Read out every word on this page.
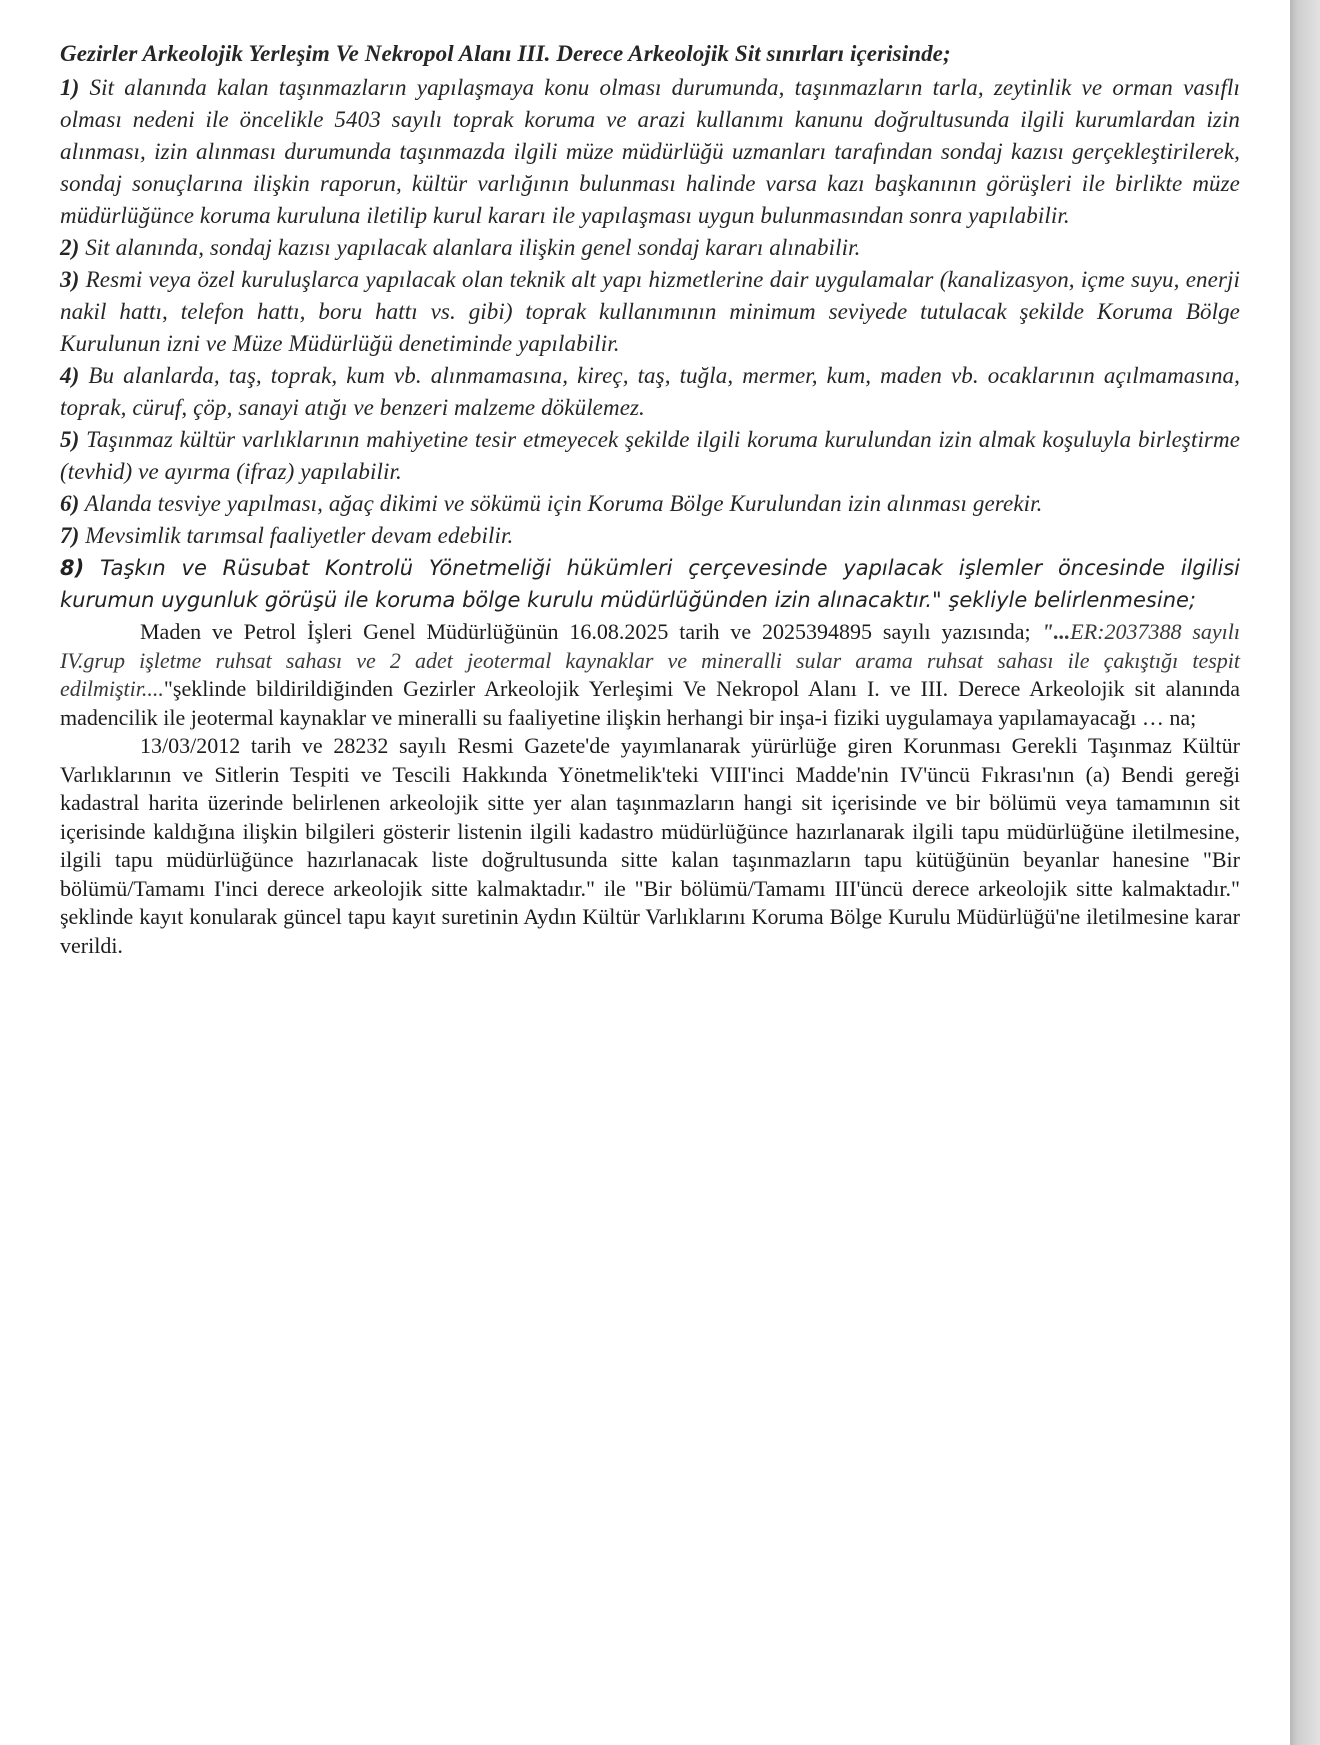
Gezirler Arkeolojik Yerleşim Ve Nekropol Alanı III. Derece Arkeolojik Sit sınırları içerisinde;

1) Sit alanında kalan taşınmazların yapılaşmaya konu olması durumunda, taşınmazların tarla, zeytinlik ve orman vasıflı olması nedeni ile öncelikle 5403 sayılı toprak koruma ve arazi kullanımı kanunu doğrultusunda ilgili kurumlardan izin alınması, izin alınması durumunda taşınmazda ilgili müze müdürlüğü uzmanları tarafından sondaj kazısı gerçekleştirilerek, sondaj sonuçlarına ilişkin raporun, kültür varlığının bulunması halinde varsa kazı başkanının görüşleri ile birlikte müze müdürlüğünce koruma kuruluna iletilip kurul kararı ile yapılaşması uygun bulunmasından sonra yapılabilir.

2) Sit alanında, sondaj kazısı yapılacak alanlara ilişkin genel sondaj kararı alınabilir.

3) Resmi veya özel kuruluşlarca yapılacak olan teknik alt yapı hizmetlerine dair uygulamalar (kanalizasyon, içme suyu, enerji nakil hattı, telefon hattı, boru hattı vs. gibi) toprak kullanımının minimum seviyede tutulacak şekilde Koruma Bölge Kurulunun izni ve Müze Müdürlüğü denetiminde yapılabilir.

4) Bu alanlarda, taş, toprak, kum vb. alınmamasına, kireç, taş, tuğla, mermer, kum, maden vb. ocaklarının açılmamasına, toprak, cüruf, çöp, sanayi atığı ve benzeri malzeme dökülemez.

5) Taşınmaz kültür varlıklarının mahiyetine tesir etmeyecek şekilde ilgili koruma kurulundan izin almak koşuluyla birleştirme (tevhid) ve ayırma (ifraz) yapılabilir.

6) Alanda tesviye yapılması, ağaç dikimi ve sökümü için Koruma Bölge Kurulundan izin alınması gerekir.

7) Mevsimlik tarımsal faaliyetler devam edebilir.

8) Taşkın ve Rüsubat Kontrolü Yönetmeliği hükümleri çerçevesinde yapılacak işlemler öncesinde ilgilisi kurumun uygunluk görüşü ile koruma bölge kurulu müdürlüğünden izin alınacaktır." şekliyle belirlenmesine;

Maden ve Petrol İşleri Genel Müdürlüğünün 16.08.2025 tarih ve 2025394895 sayılı yazısında; "...ER:2037388 sayılı IV.grup işletme ruhsat sahası ve 2 adet jeotermal kaynaklar ve mineralli sular arama ruhsat sahası ile çakıştığı tespit edilmiştir...."şeklinde bildirildiğinden Gezirler Arkeolojik Yerleşimi Ve Nekropol Alanı I. ve III. Derece Arkeolojik sit alanında madencilik ile jeotermal kaynaklar ve mineralli su faaliyetine ilişkin herhangi bir inşa-i fiziki uygulamaya yapılamayacağı … na;

13/03/2012 tarih ve 28232 sayılı Resmi Gazete'de yayımlanarak yürürlüğe giren Korunması Gerekli Taşınmaz Kültür Varlıklarının ve Sitlerin Tespiti ve Tescili Hakkında Yönetmelik'teki VIII'inci Madde'nin IV'üncü Fıkrası'nın (a) Bendi gereği kadastral harita üzerinde belirlenen arkeolojik sitte yer alan taşınmazların hangi sit içerisinde ve bir bölümü veya tamamının sit içerisinde kaldığına ilişkin bilgileri gösterir listenin ilgili kadastro müdürlüğünce hazırlanarak ilgili tapu müdürlüğüne iletilmesine, ilgili tapu müdürlüğünce hazırlanacak liste doğrultusunda sitte kalan taşınmazların tapu kütüğünün beyanlar hanesine "Bir bölümü/Tamamı I'inci derece arkeolojik sitte kalmaktadır." ile "Bir bölümü/Tamamı III'üncü derece arkeolojik sitte kalmaktadır." şeklinde kayıt konularak güncel tapu kayıt suretinin Aydın Kültür Varlıklarını Koruma Bölge Kurulu Müdürlüğü'ne iletilmesine karar verildi.
